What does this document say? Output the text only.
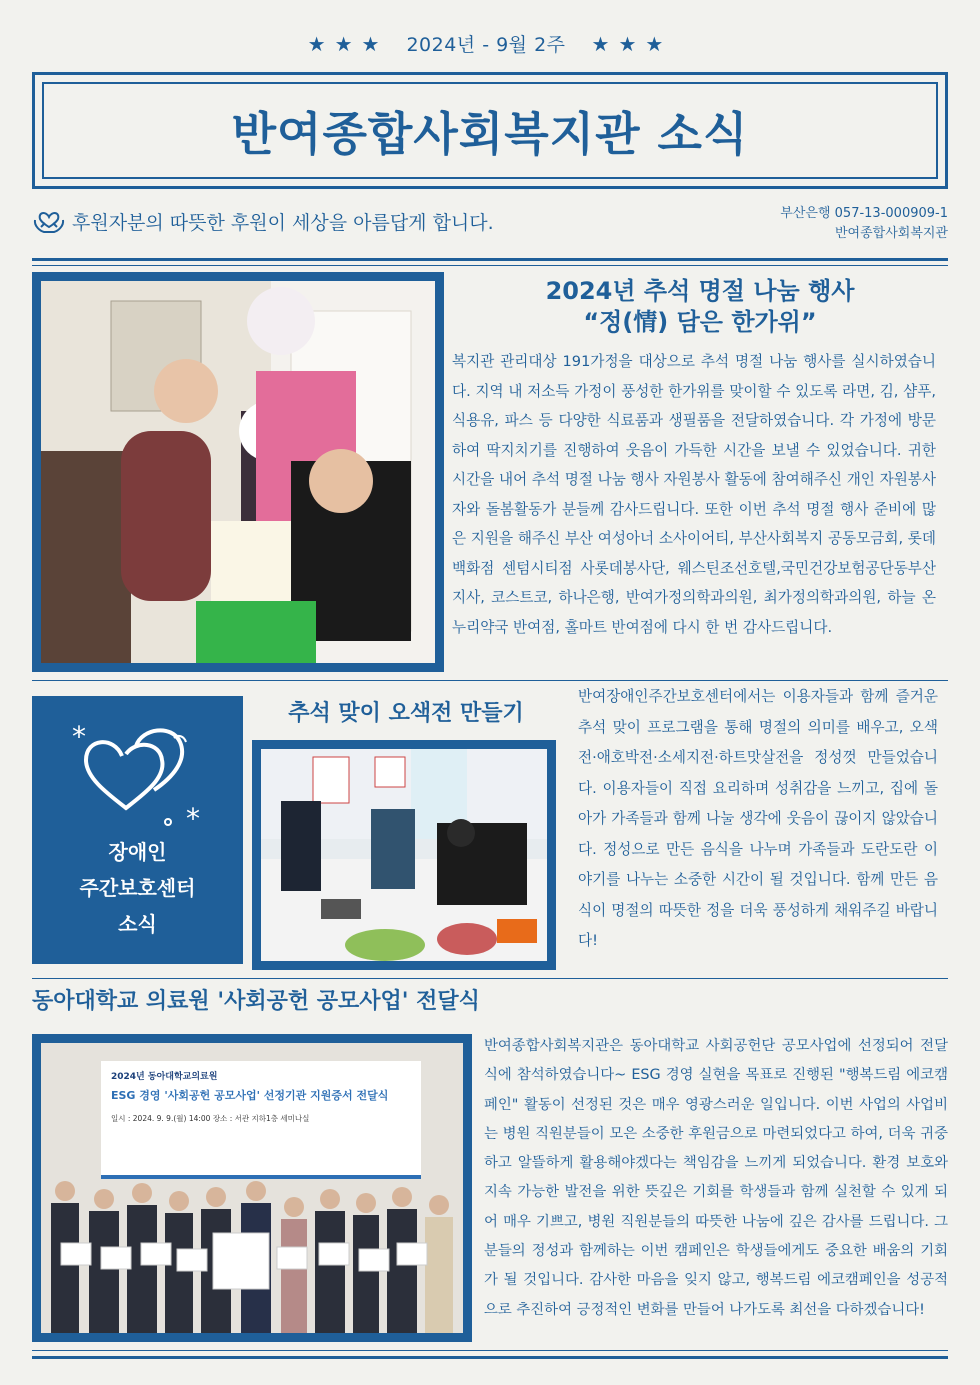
★★★ 2024년 - 9월 2주 ★★★
반여종합사회복지관 소식
후원자분의 따뜻한 후원이 세상을 아름답게 합니다.	부산은행 057-13-000909-1
반여종합사회복지관
2024년 추석 명절 나눔 행사
“정(情) 담은 한가위”
복지관 관리대상 191가정을 대상으로 추석 명절 나눔 행사를 실시하였습니다. 지역 내 저소득 가정이 풍성한 한가위를 맞이할 수 있도록 라면, 김, 샴푸, 식용유, 파스 등 다양한 식료품과 생필품을 전달하였습니다. 각 가정에 방문하여 딱지치기를 진행하여 웃음이 가득한 시간을 보낼 수 있었습니다. 귀한 시간을 내어 추석 명절 나눔 행사 자원봉사 활동에 참여해주신 개인 자원봉사자와 돌봄활동가 분들께 감사드립니다. 또한 이번 추석 명절 행사 준비에 많은 지원을 해주신 부산 여성아너 소사이어티, 부산사회복지 공동모금회, 롯데백화점 센텀시티점 사롯데봉사단, 웨스틴조선호텔,국민건강보험공단동부산지사, 코스트코, 하나은행, 반여가정의학과의원, 최가정의학과의원, 하늘 온누리약국 반여점, 홀마트 반여점에 다시 한 번 감사드립니다.
*
*
장애인
주간보호센터
소식
추석 맞이 오색전 만들기
반여장애인주간보호센터에서는 이용자들과 함께 즐거운 추석 맞이 프로그램을 통해 명절의 의미를 배우고, 오색전·애호박전·소세지전·하트맛살전을 정성껏 만들었습니다. 이용자들이 직접 요리하며 성취감을 느끼고, 집에 돌아가 가족들과 함께 나눌 생각에 웃음이 끊이지 않았습니다. 정성으로 만든 음식을 나누며 가족들과 도란도란 이야기를 나누는 소중한 시간이 될 것입니다. 함께 만든 음식이 명절의 따뜻한 정을 더욱 풍성하게 채워주길 바랍니다!
동아대학교 의료원 '사회공헌 공모사업' 전달식
2024년 동아대학교의료원
ESG 경영 '사회공헌 공모사업' 선정기관 지원증서 전달식
일시 : 2024. 9. 9.(월) 14:00 장소 : 서관 지하1층 세미나실
반여종합사회복지관은 동아대학교 사회공헌단 공모사업에 선정되어 전달식에 참석하였습니다~ ESG 경영 실현을 목표로 진행된 "행복드림 에코캠페인" 활동이 선정된 것은 매우 영광스러운 일입니다. 이번 사업의 사업비는 병원 직원분들이 모은 소중한 후원금으로 마련되었다고 하여, 더욱 귀중하고 알뜰하게 활용해야겠다는 책임감을 느끼게 되었습니다. 환경 보호와 지속 가능한 발전을 위한 뜻깊은 기회를 학생들과 함께 실천할 수 있게 되어 매우 기쁘고, 병원 직원분들의 따뜻한 나눔에 깊은 감사를 드립니다. 그분들의 정성과 함께하는 이번 캠페인은 학생들에게도 중요한 배움의 기회가 될 것입니다. 감사한 마음을 잊지 않고, 행복드림 에코캠페인을 성공적으로 추진하여 긍정적인 변화를 만들어 나가도록 최선을 다하겠습니다!
